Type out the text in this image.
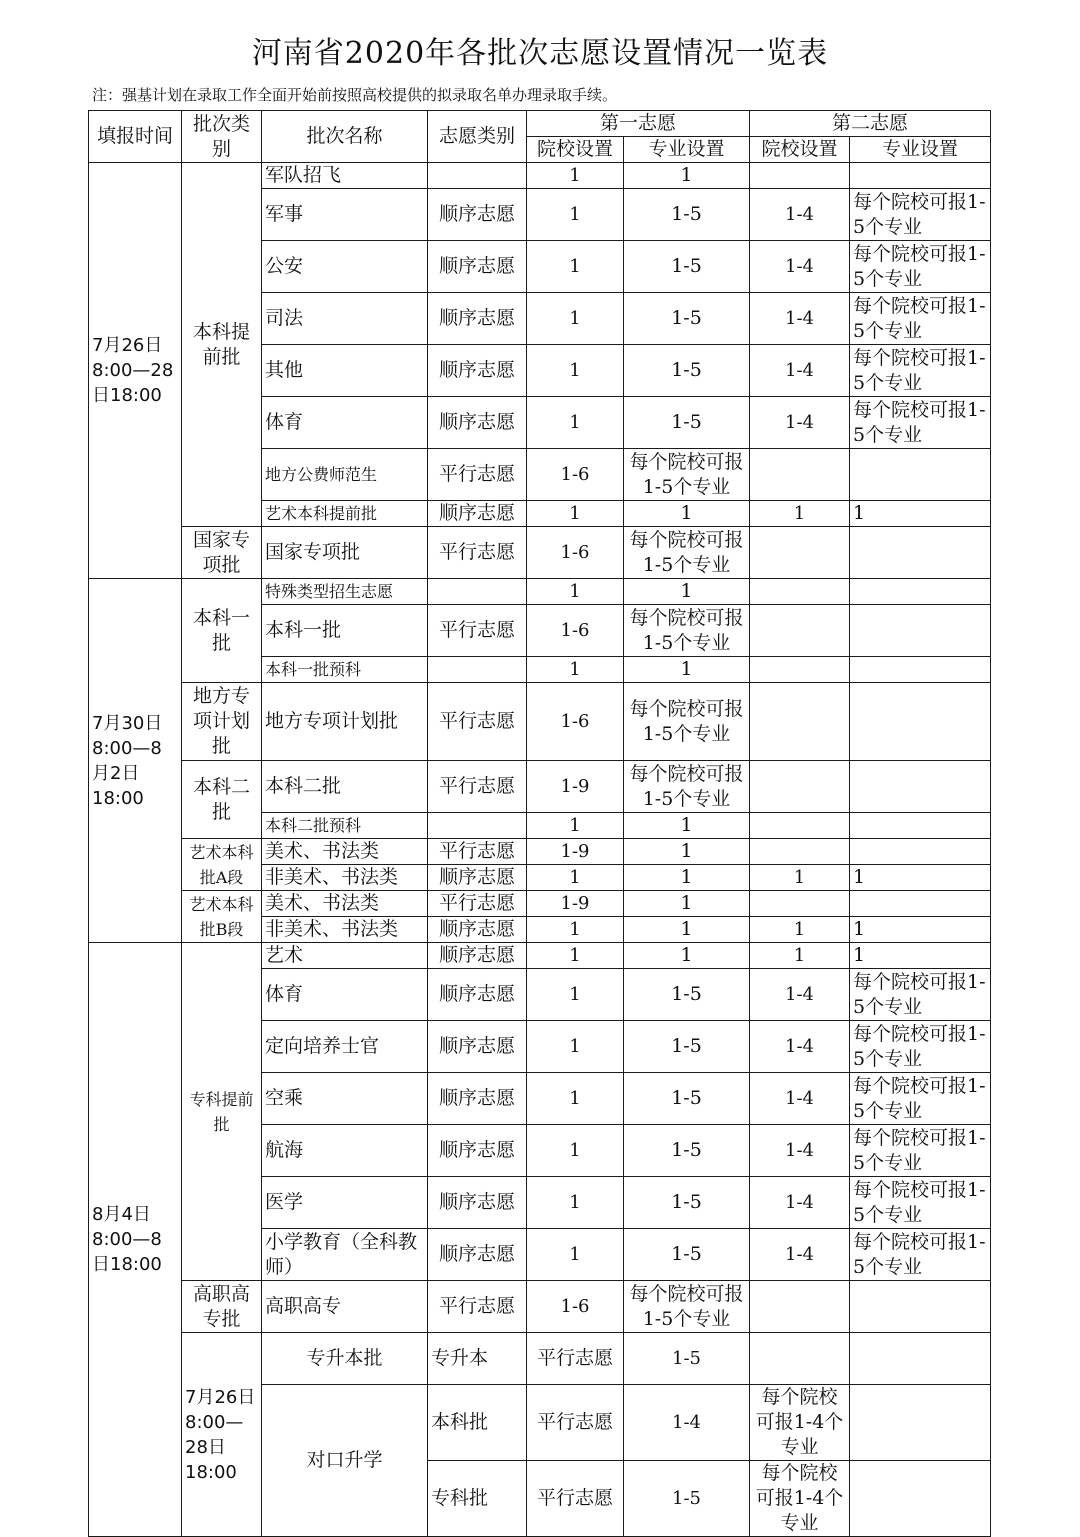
河南省2020年各批次志愿设置情况一览表
注：强基计划在录取工作全面开始前按照高校提供的拟录取名单办理录取手续。
填报时间	批次类别	批次名称	志愿类别	第一志愿		第二志愿		
				院校设置	专业设置	院校设置	专业设置	
7月26日 8:00—28日18:00	本科提前批	军队招飞		1	1			
		军事	顺序志愿	1	1-5	1-4	每个院校可报1-5个专业	
		公安	顺序志愿	1	1-5	1-4	每个院校可报1-5个专业	
		司法	顺序志愿	1	1-5	1-4	每个院校可报1-5个专业	
		其他	顺序志愿	1	1-5	1-4	每个院校可报1-5个专业	
		体育	顺序志愿	1	1-5	1-4	每个院校可报1-5个专业	
		地方公费师范生	平行志愿	1-6	每个院校可报1-5个专业			
		艺术本科提前批	顺序志愿	1	1	1	1	
	国家专项批	国家专项批	平行志愿	1-6	每个院校可报1-5个专业			
7月30日 8:00—8月2日 18:00	本科一批	特殊类型招生志愿		1	1			
		本科一批	平行志愿	1-6	每个院校可报1-5个专业			
		本科一批预科		1	1			
	地方专项计划批	地方专项计划批	平行志愿	1-6	每个院校可报1-5个专业			
	本科二批	本科二批	平行志愿	1-9	每个院校可报1-5个专业			
		本科二批预科		1	1			
	艺术本科批A段	美术、书法类	平行志愿	1-9	1			
		非美术、书法类	顺序志愿	1	1	1	1	
	艺术本科批B段	美术、书法类	平行志愿	1-9	1			
		非美术、书法类	顺序志愿	1	1	1	1	
8月4日 8:00—8日18:00	专科提前批	艺术	顺序志愿	1	1	1	1	
		体育	顺序志愿	1	1-5	1-4	每个院校可报1-5个专业	
		定向培养士官	顺序志愿	1	1-5	1-4	每个院校可报1-5个专业	
		空乘	顺序志愿	1	1-5	1-4	每个院校可报1-5个专业	
		航海	顺序志愿	1	1-5	1-4	每个院校可报1-5个专业	
		医学	顺序志愿	1	1-5	1-4	每个院校可报1-5个专业	
		小学教育（全科教师）	顺序志愿	1	1-5	1-4	每个院校可报1-5个专业	
	高职高专批	高职高专	平行志愿	1-6	每个院校可报1-5个专业			
	7月26日 8:00—28日18:00	专升本批	专升本	平行志愿	1-5			
		对口升学	本科批	平行志愿	1-4	每个院校可报1-4个专业		
			专科批	平行志愿	1-5	每个院校可报1-4个专业		
